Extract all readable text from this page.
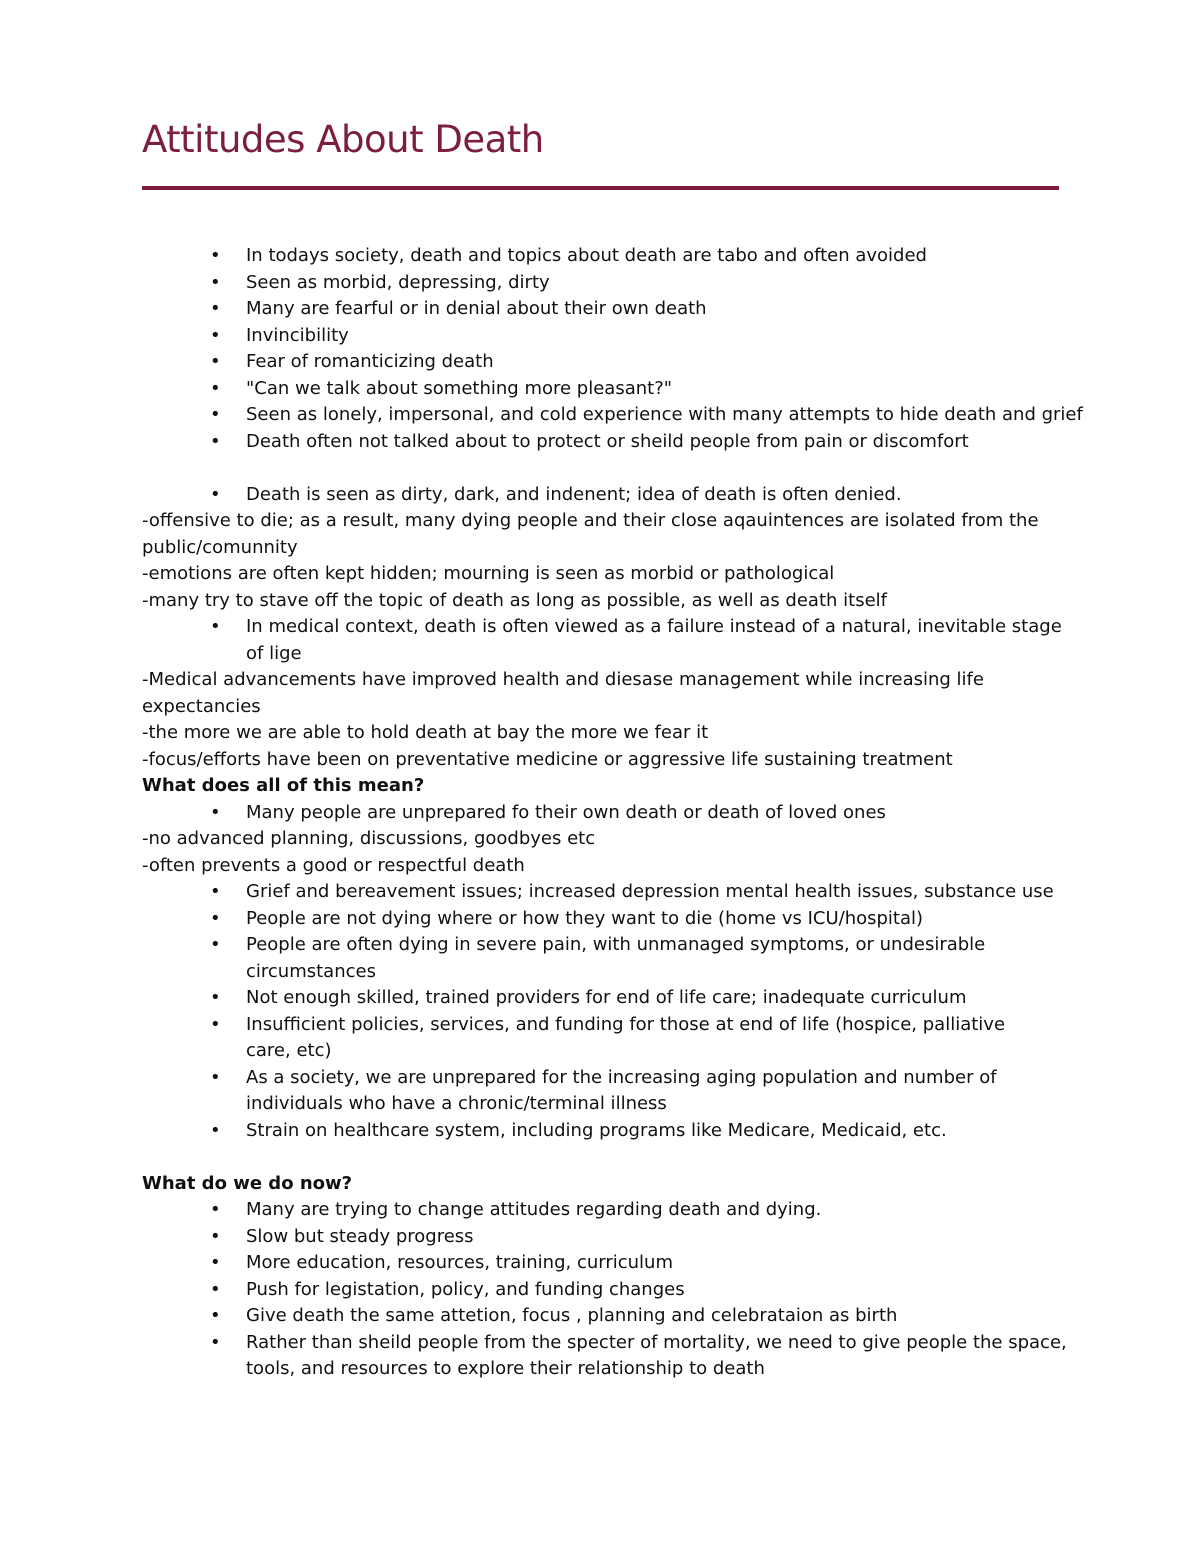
Attitudes About Death
• In todays society, death and topics about death are tabo and often avoided
• Seen as morbid, depressing, dirty
• Many are fearful or in denial about their own death
• Invincibility
• Fear of romanticizing death
• "Can we talk about something more pleasant?"
• Seen as lonely, impersonal, and cold experience with many attempts to hide death and grief
• Death often not talked about to protect or sheild people from pain or discomfort
• Death is seen as dirty, dark, and indenent; idea of death is often denied.
-offensive to die; as a result, many dying people and their close aqauintences are isolated from the
public/comunnity
-emotions are often kept hidden; mourning is seen as morbid or pathological
-many try to stave off the topic of death as long as possible, as well as death itself
• In medical context, death is often viewed as a failure instead of a natural, inevitable stage
of lige
-Medical advancements have improved health and diesase management while increasing life
expectancies
-the more we are able to hold death at bay the more we fear it
-focus/efforts have been on preventative medicine or aggressive life sustaining treatment
What does all of this mean?
• Many people are unprepared fo their own death or death of loved ones
-no advanced planning, discussions, goodbyes etc
-often prevents a good or respectful death
• Grief and bereavement issues; increased depression mental health issues, substance use
• People are not dying where or how they want to die (home vs ICU/hospital)
• People are often dying in severe pain, with unmanaged symptoms, or undesirable
circumstances
• Not enough skilled, trained providers for end of life care; inadequate curriculum
• Insufficient policies, services, and funding for those at end of life (hospice, palliative
care, etc)
• As a society, we are unprepared for the increasing aging population and number of
individuals who have a chronic/terminal illness
• Strain on healthcare system, including programs like Medicare, Medicaid, etc.
What do we do now?
• Many are trying to change attitudes regarding death and dying.
• Slow but steady progress
• More education, resources, training, curriculum
• Push for legistation, policy, and funding changes
• Give death the same attetion, focus , planning and celebrataion as birth
• Rather than sheild people from the specter of mortality, we need to give people the space,
tools, and resources to explore their relationship to death
